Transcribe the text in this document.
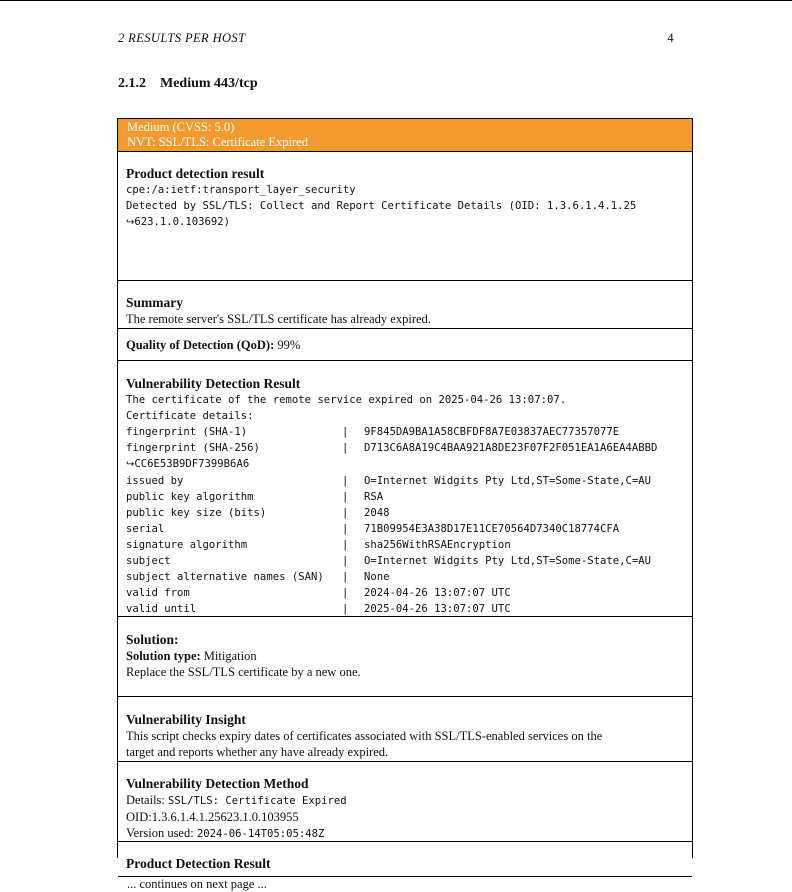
2 RESULTS PER HOST	4
2.1.2 Medium 443/tcp
Medium (CVSS: 5.0)
NVT: SSL/TLS: Certificate Expired
Product detection result
cpe:/a:ietf:transport_layer_security
Detected by SSL/TLS: Collect and Report Certificate Details (OID: 1.3.6.1.4.1.25
↪623.1.0.103692)
Summary
The remote server's SSL/TLS certificate has already expired.
Quality of Detection (QoD): 99%
Vulnerability Detection Result
The certificate of the remote service expired on 2025-04-26 13:07:07.
Certificate details:
fingerprint (SHA-1)	| 9F845DA9BA1A58CBFDF8A7E03837AEC77357077E
fingerprint (SHA-256)	| D713C6A8A19C4BAA921A8DE23F07F2F051EA1A6EA4ABBD
↪CC6E53B9DF7399B6A6
issued by	| O=Internet Widgits Pty Ltd,ST=Some-State,C=AU
public key algorithm	| RSA
public key size (bits)	| 2048
serial	| 71B09954E3A38D17E11CE70564D7340C18774CFA
signature algorithm	| sha256WithRSAEncryption
subject	| O=Internet Widgits Pty Ltd,ST=Some-State,C=AU
subject alternative names (SAN)	| None
valid from	| 2024-04-26 13:07:07 UTC
valid until	| 2025-04-26 13:07:07 UTC
Solution:
Solution type: Mitigation
Replace the SSL/TLS certificate by a new one.
Vulnerability Insight
This script checks expiry dates of certificates associated with SSL/TLS-enabled services on the
target and reports whether any have already expired.
Vulnerability Detection Method
Details: SSL/TLS: Certificate Expired
OID:1.3.6.1.4.1.25623.1.0.103955
Version used: 2024-06-14T05:05:48Z
Product Detection Result
... continues on next page ...
